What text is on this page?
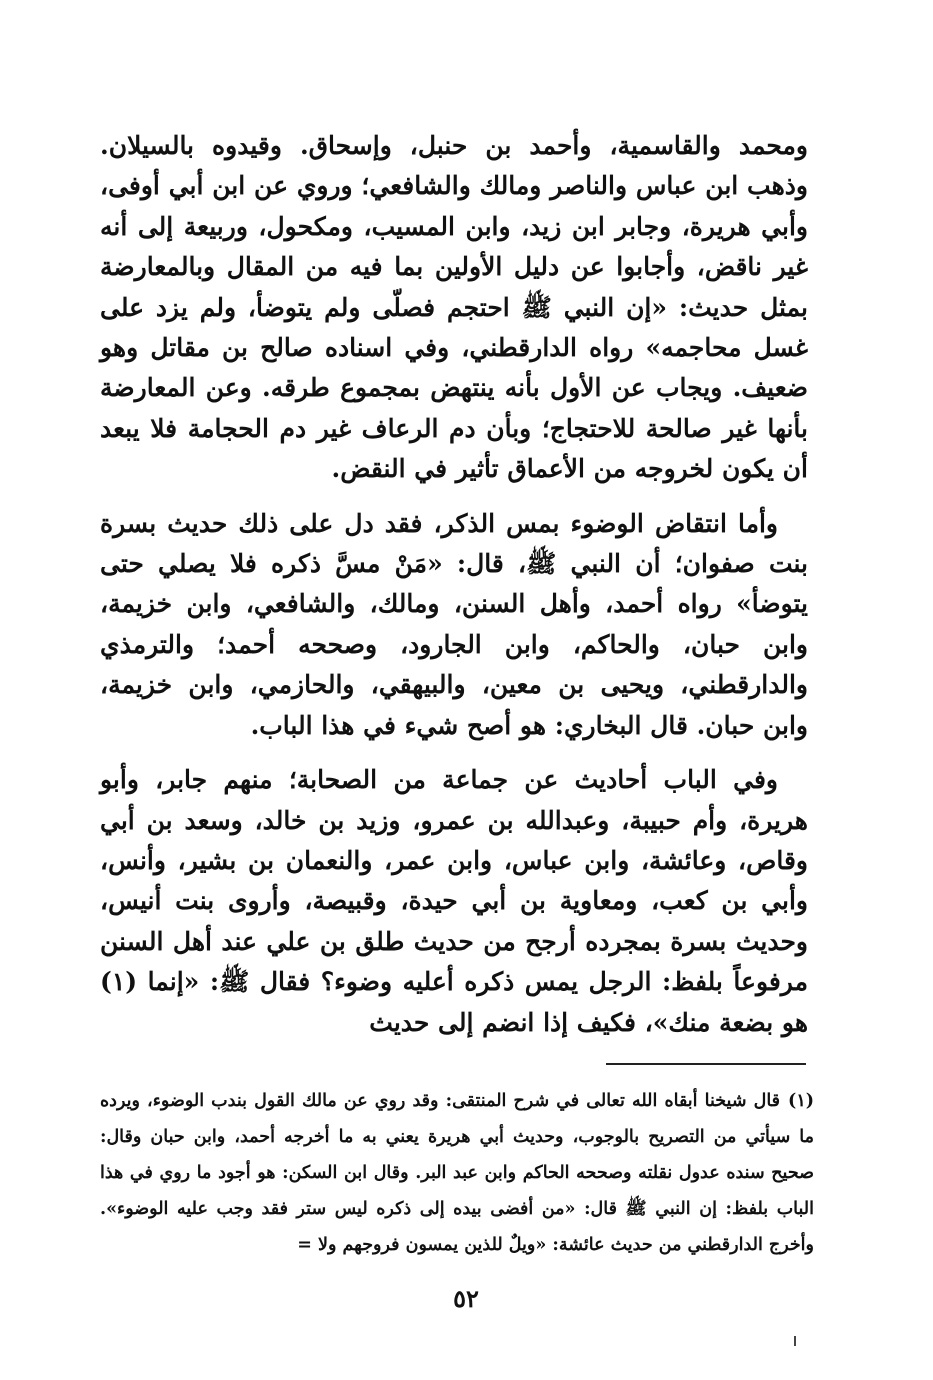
ومحمد والقاسمية، وأحمد بن حنبل، وإسحاق. وقيدوه بالسيلان. وذهب ابن عباس والناصر ومالك والشافعي؛ وروي عن ابن أبي أوفى، وأبي هريرة، وجابر ابن زيد، وابن المسيب، ومكحول، وربيعة إلى أنه غير ناقض، وأجابوا عن دليل الأولين بما فيه من المقال وبالمعارضة بمثل حديث: «إن النبي ﷺ احتجم فصلّى ولم يتوضأ، ولم يزد على غسل محاجمه» رواه الدارقطني، وفي اسناده صالح بن مقاتل وهو ضعيف. ويجاب عن الأول بأنه ينتهض بمجموع طرقه. وعن المعارضة بأنها غير صالحة للاحتجاج؛ وبأن دم الرعاف غير دم الحجامة فلا يبعد أن يكون لخروجه من الأعماق تأثير في النقض.

وأما انتقاض الوضوء بمس الذكر، فقد دل على ذلك حديث بسرة بنت صفوان؛ أن النبي ﷺ، قال: «مَنْ مسَّ ذكره فلا يصلي حتى يتوضأ» رواه أحمد، وأهل السنن، ومالك، والشافعي، وابن خزيمة، وابن حبان، والحاكم، وابن الجارود، وصححه أحمد؛ والترمذي والدارقطني، ويحيى بن معين، والبيهقي، والحازمي، وابن خزيمة، وابن حبان. قال البخاري: هو أصح شيء في هذا الباب.

وفي الباب أحاديث عن جماعة من الصحابة؛ منهم جابر، وأبو هريرة، وأم حبيبة، وعبدالله بن عمرو، وزيد بن خالد، وسعد بن أبي وقاص، وعائشة، وابن عباس، وابن عمر، والنعمان بن بشير، وأنس، وأبي بن كعب، ومعاوية بن أبي حيدة، وقبيصة، وأروى بنت أنيس، وحديث بسرة بمجرده أرجح من حديث طلق بن علي عند أهل السنن مرفوعاً بلفظ: الرجل يمس ذكره أعليه وضوء؟ فقال ﷺ: «إنما (١) هو بضعة منك»، فكيف إذا انضم إلى حديث

(١)قال شيخنا أبقاه الله تعالى في شرح المنتقى: وقد روي عن مالك القول بندب الوضوء، ويرده ما سيأتي من التصريح بالوجوب، وحديث أبي هريرة يعني به ما أخرجه أحمد، وابن حبان وقال: صحيح سنده عدول نقلته وصححه الحاكم وابن عبد البر. وقال ابن السكن: هو أجود ما روي في هذا الباب بلفظ: إن النبي ﷺ قال: «من أفضى بيده إلى ذكره ليس ستر فقد وجب عليه الوضوء». وأخرج الدارقطني من حديث عائشة: «ويلٌ للذين يمسون فروجهم ولا =

٥٢
